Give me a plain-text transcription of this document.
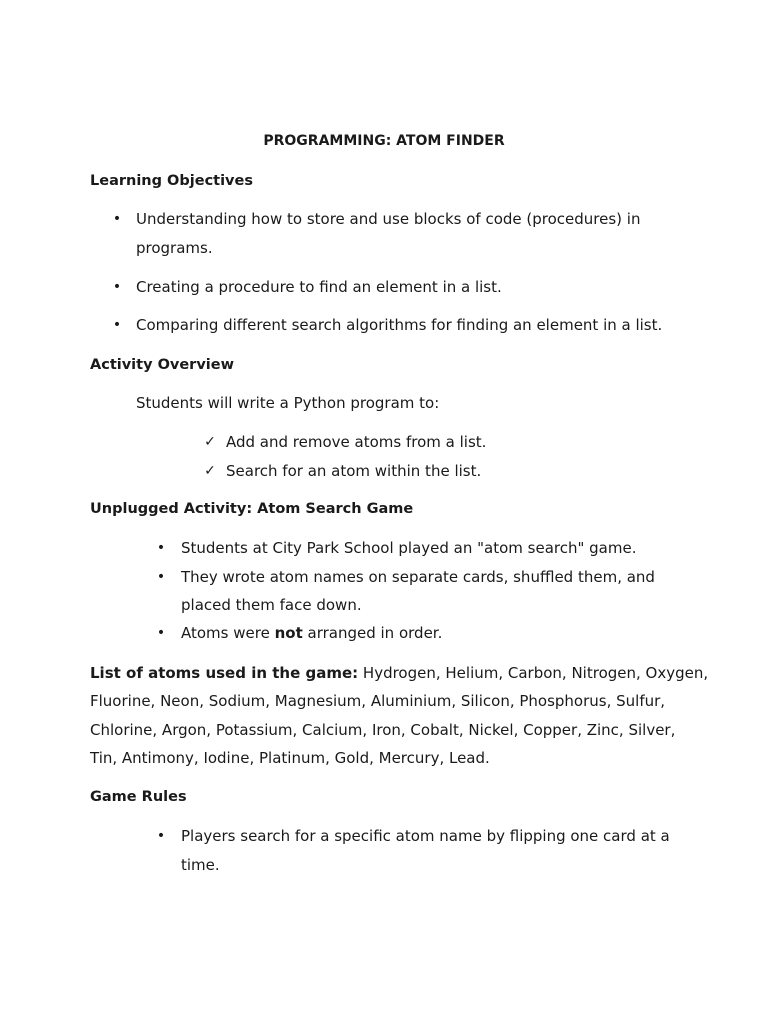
PROGRAMMING: ATOM FINDER
Learning Objectives
• Understanding how to store and use blocks of code (procedures) in
programs.
• Creating a procedure to find an element in a list.
• Comparing different search algorithms for finding an element in a list.
Activity Overview
Students will write a Python program to:
✓ Add and remove atoms from a list.
✓ Search for an atom within the list.
Unplugged Activity: Atom Search Game
•	Students at City Park School played an "atom search" game.
•	They wrote atom names on separate cards, shuffled them, and
placed them face down.
•	Atoms were not arranged in order.
List of atoms used in the game: Hydrogen, Helium, Carbon, Nitrogen, Oxygen,
Fluorine, Neon, Sodium, Magnesium, Aluminium, Silicon, Phosphorus, Sulfur,
Chlorine, Argon, Potassium, Calcium, Iron, Cobalt, Nickel, Copper, Zinc, Silver,
Tin, Antimony, Iodine, Platinum, Gold, Mercury, Lead.
Game Rules
•	Players search for a specific atom name by flipping one card at a
time.
